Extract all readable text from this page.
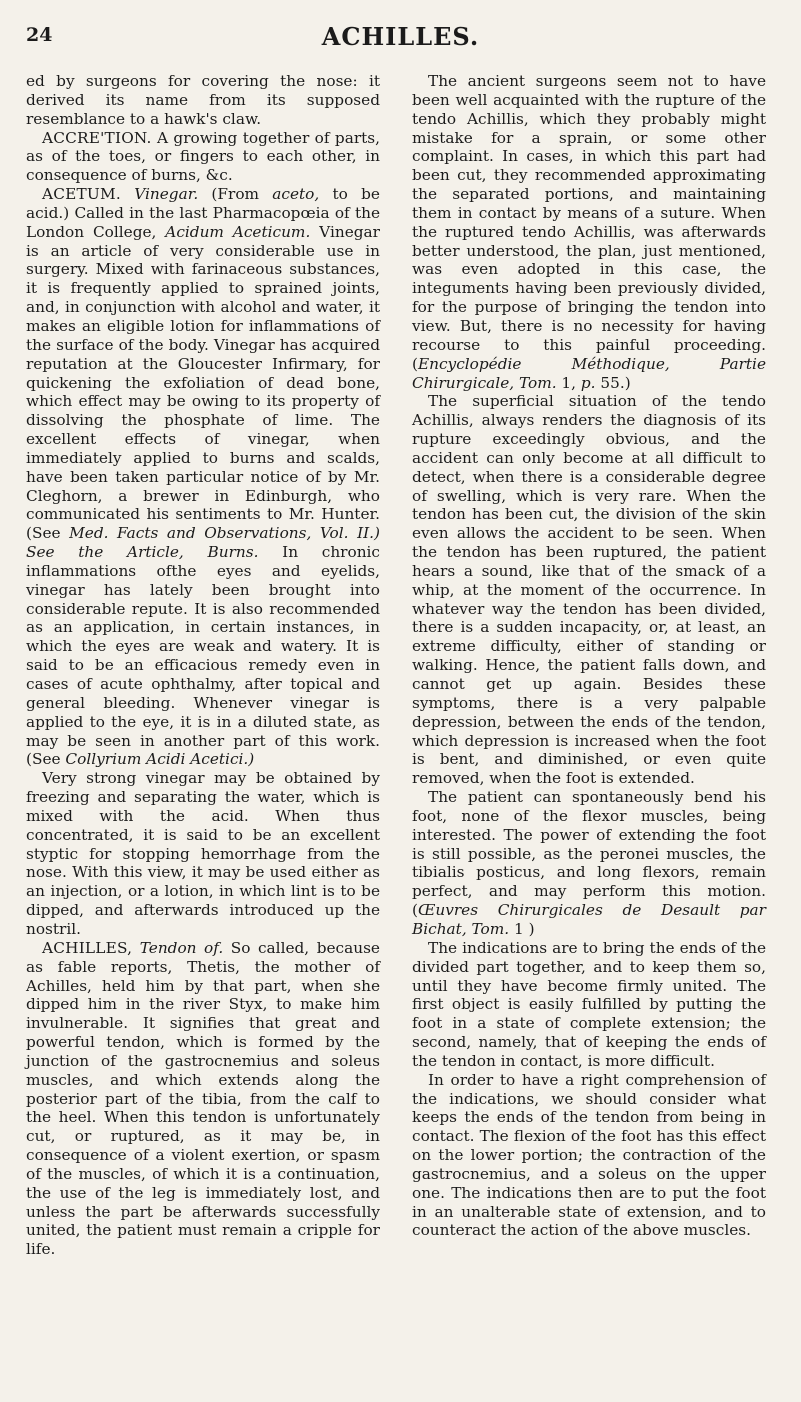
24	ACHILLES.

ed by surgeons for covering the nose: it derived its name from its supposed resemblance to a hawk's claw.

ACCRE'TION. A growing together of parts, as of the toes, or fingers to each other, in consequence of burns, &c.

ACETUM. Vinegar. (From aceto, to be acid.) Called in the last Pharmacopœia of the London College, Acidum Aceticum. Vinegar is an article of very considerable use in surgery. Mixed with farinaceous substances, it is frequently applied to sprained joints, and, in conjunction with alcohol and water, it makes an eligible lotion for inflammations of the surface of the body. Vinegar has acquired reputation at the Gloucester Infirmary, for quickening the exfoliation of dead bone, which effect may be owing to its property of dissolving the phosphate of lime. The excellent effects of vinegar, when immediately applied to burns and scalds, have been taken particular notice of by Mr. Cleghorn, a brewer in Edinburgh, who communicated his sentiments to Mr. Hunter. (See Med. Facts and Observations, Vol. II.) See the Article, Burns. In chronic inflammations ofthe eyes and eyelids, vinegar has lately been brought into considerable repute. It is also recommended as an application, in certain instances, in which the eyes are weak and watery. It is said to be an efficacious remedy even in cases of acute ophthalmy, after topical and general bleeding. Whenever vinegar is applied to the eye, it is in a diluted state, as may be seen in another part of this work. (See Collyrium Acidi Acetici.)

Very strong vinegar may be obtained by freezing and separating the water, which is mixed with the acid. When thus concentrated, it is said to be an excellent styptic for stopping hemorrhage from the nose. With this view, it may be used either as an injection, or a lotion, in which lint is to be dipped, and afterwards introduced up the nostril.

ACHILLES, Tendon of. So called, because as fable reports, Thetis, the mother of Achilles, held him by that part, when she dipped him in the river Styx, to make him invulnerable. It signifies that great and powerful tendon, which is formed by the junction of the gastrocnemius and soleus muscles, and which extends along the posterior part of the tibia, from the calf to the heel. When this tendon is unfortunately cut, or ruptured, as it may be, in consequence of a violent exertion, or spasm of the muscles, of which it is a continuation, the use of the leg is immediately lost, and unless the part be afterwards successfully united, the patient must remain a cripple for life.

The ancient surgeons seem not to have been well acquainted with the rupture of the tendo Achillis, which they probably might mistake for a sprain, or some other complaint. In cases, in which this part had been cut, they recommended approximating the separated portions, and maintaining them in contact by means of a suture. When the ruptured tendo Achillis, was afterwards better understood, the plan, just mentioned, was even adopted in this case, the integuments having been previously divided, for the purpose of bringing the tendon into view. But, there is no necessity for having recourse to this painful proceeding. (Encyclopédie Méthodique, Partie Chirurgicale, Tom. 1, p. 55.)

The superficial situation of the tendo Achillis, always renders the diagnosis of its rupture exceedingly obvious, and the accident can only become at all difficult to detect, when there is a considerable degree of swelling, which is very rare. When the tendon has been cut, the division of the skin even allows the accident to be seen. When the tendon has been ruptured, the patient hears a sound, like that of the smack of a whip, at the moment of the occurrence. In whatever way the tendon has been divided, there is a sudden incapacity, or, at least, an extreme difficulty, either of standing or walking. Hence, the patient falls down, and cannot get up again. Besides these symptoms, there is a very palpable depression, between the ends of the tendon, which depression is increased when the foot is bent, and diminished, or even quite removed, when the foot is extended.

The patient can spontaneously bend his foot, none of the flexor muscles, being interested. The power of extending the foot is still possible, as the peronei muscles, the tibialis posticus, and long flexors, remain perfect, and may perform this motion. (Œuvres Chirurgicales de Desault par Bichat, Tom. 1 )

The indications are to bring the ends of the divided part together, and to keep them so, until they have become firmly united. The first object is easily fulfilled by putting the foot in a state of complete extension; the second, namely, that of keeping the ends of the tendon in contact, is more difficult.

In order to have a right comprehension of the indications, we should consider what keeps the ends of the tendon from being in contact. The flexion of the foot has this effect on the lower portion; the contraction of the gastrocnemius, and a soleus on the upper one. The indications then are to put the foot in an unalterable state of extension, and to counteract the action of the above muscles.
